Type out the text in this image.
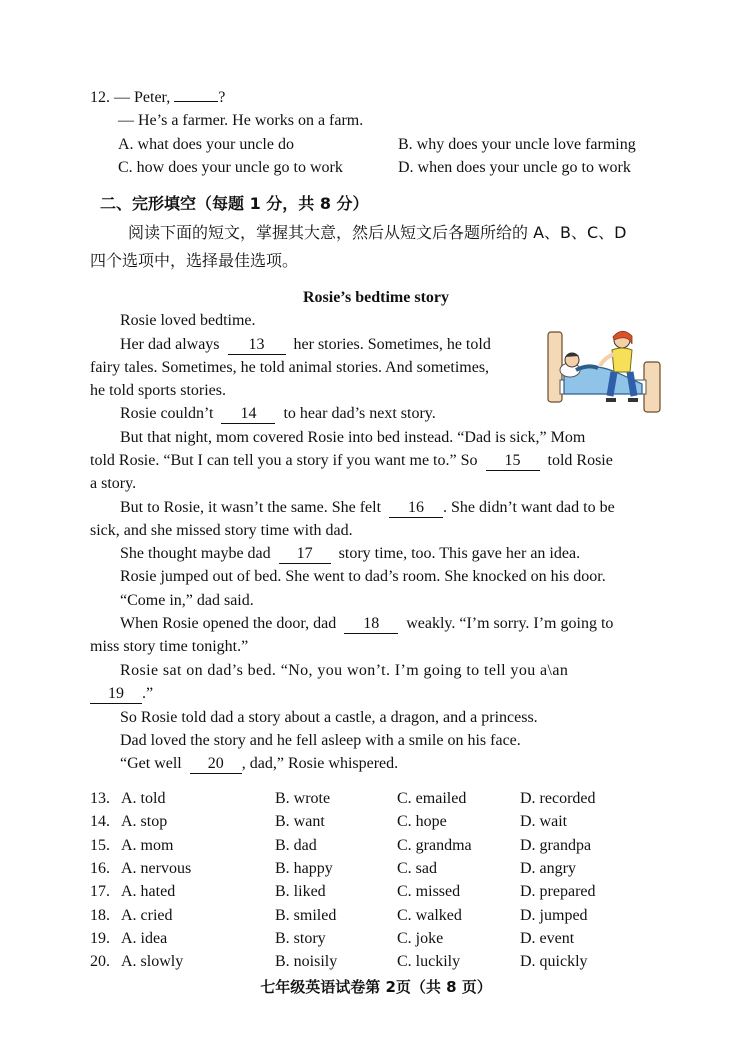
12. — Peter,	?
— He’s a farmer. He works on a farm.
A. what does your uncle do	B. why does your uncle love farming
C. how does your uncle go to work	D. when does your uncle go to work
二、完形填空（每题 1 分，共 8 分）
阅读下面的短文，掌握其大意，然后从短文后各题所给的 A、B、C、D
四个选项中，选择最佳选项。
Rosie’s bedtime story
Rosie loved bedtime.
Her dad always 13 her stories. Sometimes, he told
fairy tales. Sometimes, he told animal stories. And sometimes,
he told sports stories.
Rosie couldn’t 14 to hear dad’s next story.
But that night, mom covered Rosie into bed instead. “Dad is sick,” Mom
told Rosie. “But I can tell you a story if you want me to.” So 15 told Rosie
a story.
But to Rosie, it wasn’t the same. She felt 16 . She didn’t want dad to be
sick, and she missed story time with dad.
She thought maybe dad 17 story time, too. This gave her an idea.
Rosie jumped out of bed. She went to dad’s room. She knocked on his door.
“Come in,” dad said.
When Rosie opened the door, dad 18 weakly. “I’m sorry. I’m going to
miss story time tonight.”
Rosie sat on dad’s bed. “No, you won’t. I’m going to tell you a\an
19 .”
So Rosie told dad a story about a castle, a dragon, and a princess.
Dad loved the story and he fell asleep with a smile on his face.
“Get well 20 , dad,” Rosie whispered.
13. A. told	B. wrote	C. emailed	D. recorded
14. A. stop	B. want	C. hope	D. wait
15. A. mom	B. dad	C. grandma	D. grandpa
16. A. nervous	B. happy	C. sad	D. angry
17. A. hated	B. liked	C. missed	D. prepared
18. A. cried	B. smiled	C. walked	D. jumped
19. A. idea	B. story	C. joke	D. event
20. A. slowly	B. noisily	C. luckily	D. quickly
七年级英语试卷第 2页（共 8 页）
